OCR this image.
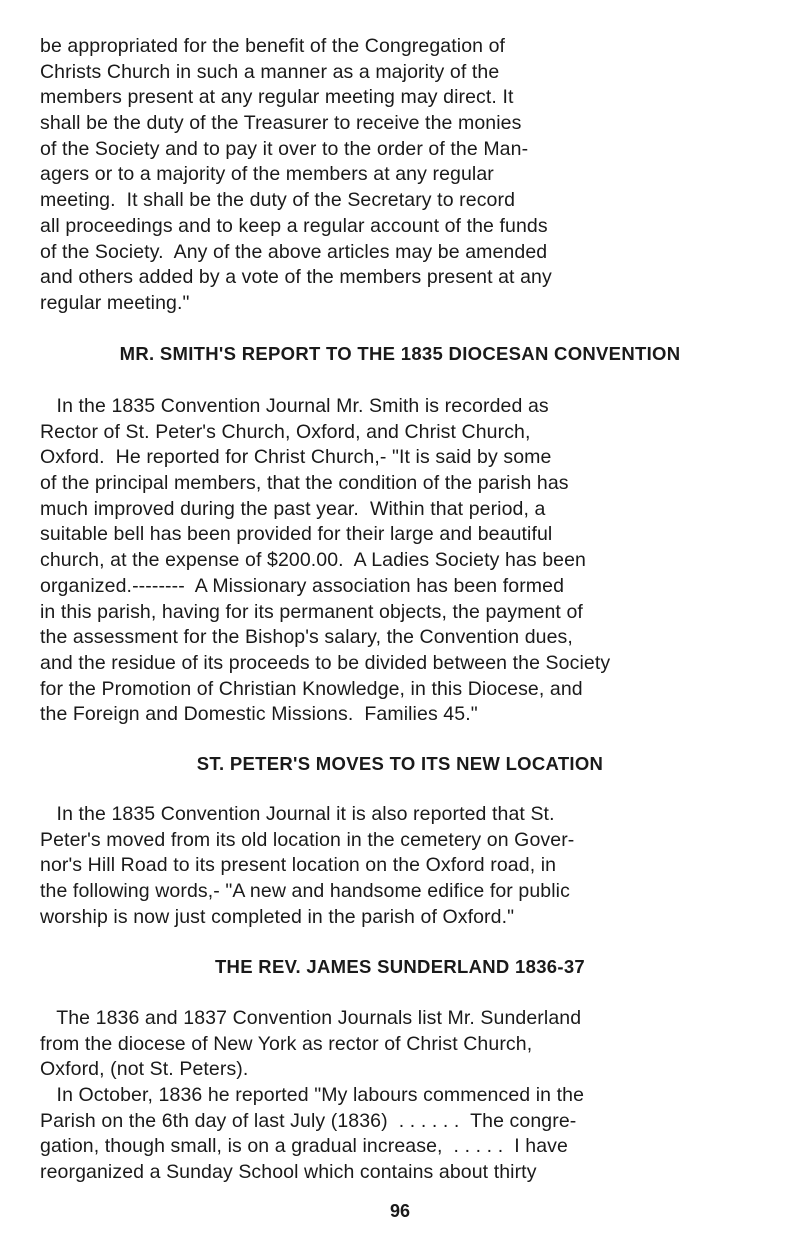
be appropriated for the benefit of the Congregation of
Christs Church in such a manner as a majority of the
members present at any regular meeting may direct. It
shall be the duty of the Treasurer to receive the monies
of the Society and to pay it over to the order of the Man-
agers or to a majority of the members at any regular
meeting.  It shall be the duty of the Secretary to record
all proceedings and to keep a regular account of the funds
of the Society.  Any of the above articles may be amended
and others added by a vote of the members present at any
regular meeting."
MR. SMITH'S REPORT TO THE 1835 DIOCESAN CONVENTION
In the 1835 Convention Journal Mr. Smith is recorded as
Rector of St. Peter's Church, Oxford, and Christ Church,
Oxford.  He reported for Christ Church,- "It is said by some
of the principal members, that the condition of the parish has
much improved during the past year.  Within that period, a
suitable bell has been provided for their large and beautiful
church, at the expense of $200.00.  A Ladies Society has been
organized.--------  A Missionary association has been formed
in this parish, having for its permanent objects, the payment of
the assessment for the Bishop's salary, the Convention dues,
and the residue of its proceeds to be divided between the Society
for the Promotion of Christian Knowledge, in this Diocese, and
the Foreign and Domestic Missions.  Families 45."
ST. PETER'S MOVES TO ITS NEW LOCATION
In the 1835 Convention Journal it is also reported that St.
Peter's moved from its old location in the cemetery on Gover-
nor's Hill Road to its present location on the Oxford road, in
the following words,- "A new and handsome edifice for public
worship is now just completed in the parish of Oxford."
THE REV. JAMES SUNDERLAND 1836-37
The 1836 and 1837 Convention Journals list Mr. Sunderland
from the diocese of New York as rector of Christ Church,
Oxford, (not St. Peters).
In October, 1836 he reported "My labours commenced in the
Parish on the 6th day of last July (1836)  . . . . . .  The congre-
gation, though small, is on a gradual increase,  . . . . .  I have
reorganized a Sunday School which contains about thirty
96
